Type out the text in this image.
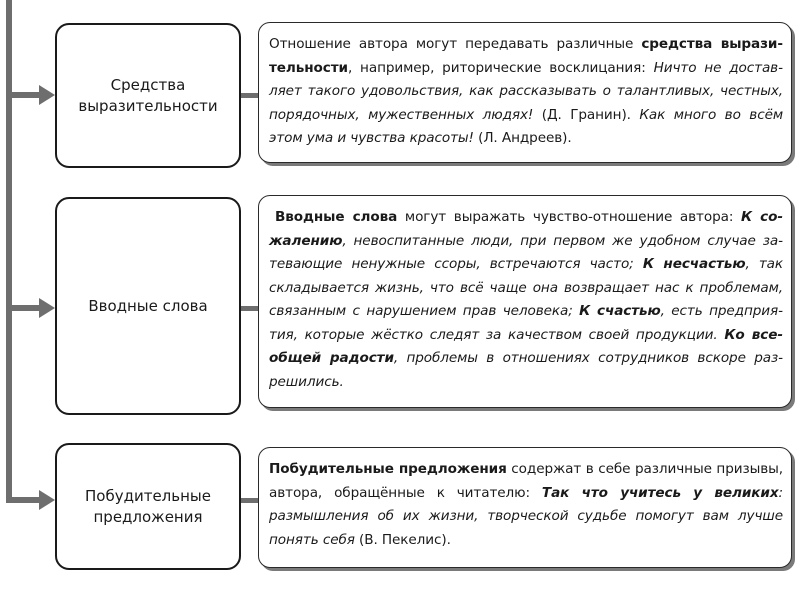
Средства
выразительности
Вводные слова
Побудительные
предложения
Отношение автора могут передавать различные средства выразительности, например, риторические восклицания: Ничто не доставляет такого удовольствия, как рассказывать о талантливых, честных, порядочных, мужественных людях! (Д. Гранин). Как много во всём этом ума и чувства красоты! (Л. Андреев).
Вводные слова могут выражать чувство-отношение автора: К сожалению, невоспитанные люди, при первом же удобном случае затевающие ненужные ссоры, встречаются часто; К несчастью, так складывается жизнь, что всё чаще она возвращает нас к проблемам, связанным с нарушением прав человека; К счастью, есть предприятия, которые жёстко следят за качеством своей продукции. Ко всеобщей радости, проблемы в отношениях сотрудников вскоре разрешились.
Побудительные предложения содержат в себе различные призывы, автора, обращённые к читателю: Так что учитесь у великих: размышления об их жизни, творческой судьбе помогут вам лучше понять себя (В. Пекелис).
